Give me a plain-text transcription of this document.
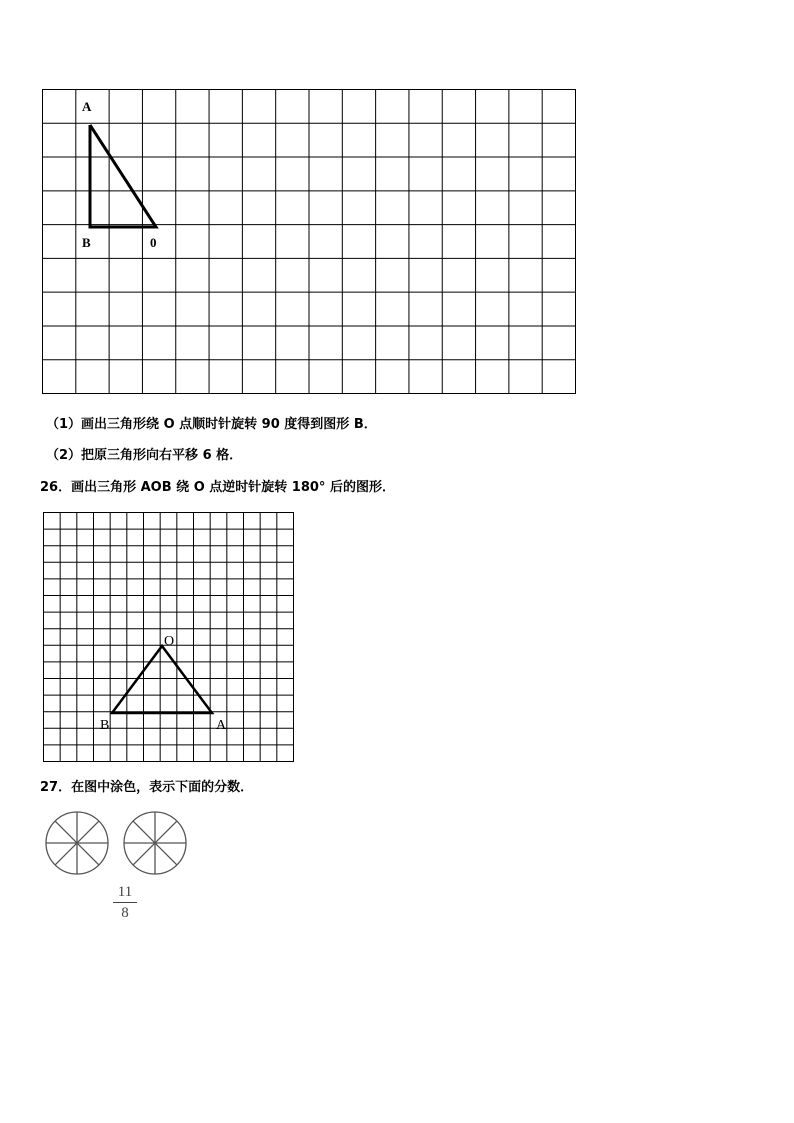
A
B	0
（1）画出三角形绕 O 点顺时针旋转 90 度得到图形 B．
（2）把原三角形向右平移 6 格．
26．画出三角形 AOB 绕 O 点逆时针旋转 180° 后的图形．
O
B	A
27．在图中涂色，表示下面的分数．
11
8
